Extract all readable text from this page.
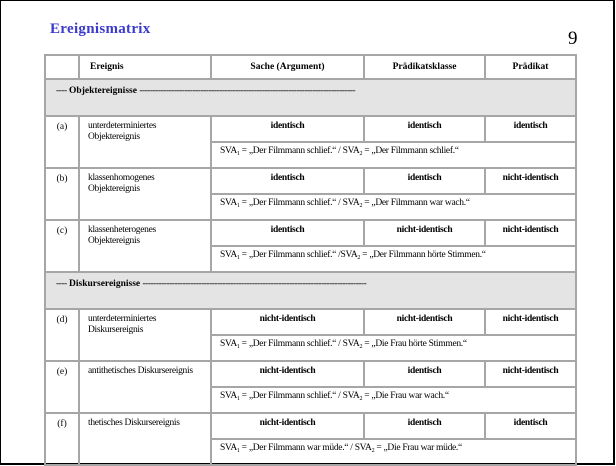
Ereignismatrix	9
	Ereignis	Sache (Argument)	Prädikatsklasse	Prädikat
---- Objektereignisse ---------------------------------------------------------------------------------				
(a)	unterdeterminiertes Objektereignis	identisch	identisch	identisch
		$SVA_1$ = „Der Filmmann schlief.“ / $SVA_2$ = „Der Filmmann schlief.“		
(b)	klassenhomogenes Objektereignis	identisch	identisch	nicht-identisch
		$SVA_1$ = „Der Filmmann schlief.“ / $SVA_2$ = „Der Filmmann war wach.“		
(c)	klassenheterogenes Objektereignis	identisch	nicht-identisch	nicht-identisch
		$SVA_1$ = „Der Filmmann schlief.“ $/SVA_2$ = „Der Filmmann hörte Stimmen.“		
---- Diskursereignisse ------------------------------------------------------------------------------------				
(d)	unterdeterminiertes Diskursereignis	nicht-identisch	nicht-identisch	nicht-identisch
		$SVA_1$ = „Der Filmmann schlief.“ / $SVA_2$ = „Die Frau hörte Stimmen.“		
(e)	antithetisches Diskursereignis	nicht-identisch	identisch	nicht-identisch
		$SVA_1$ = „Der Filmmann schlief.“ / $SVA_2$ = „Die Frau war wach.“		
(f)	thetisches Diskursereignis	nicht-identisch	identisch	identisch
		$SVA_1$ = „Der Filmmann war müde.“ / $SVA_2$ = „Die Frau war müde.“		
